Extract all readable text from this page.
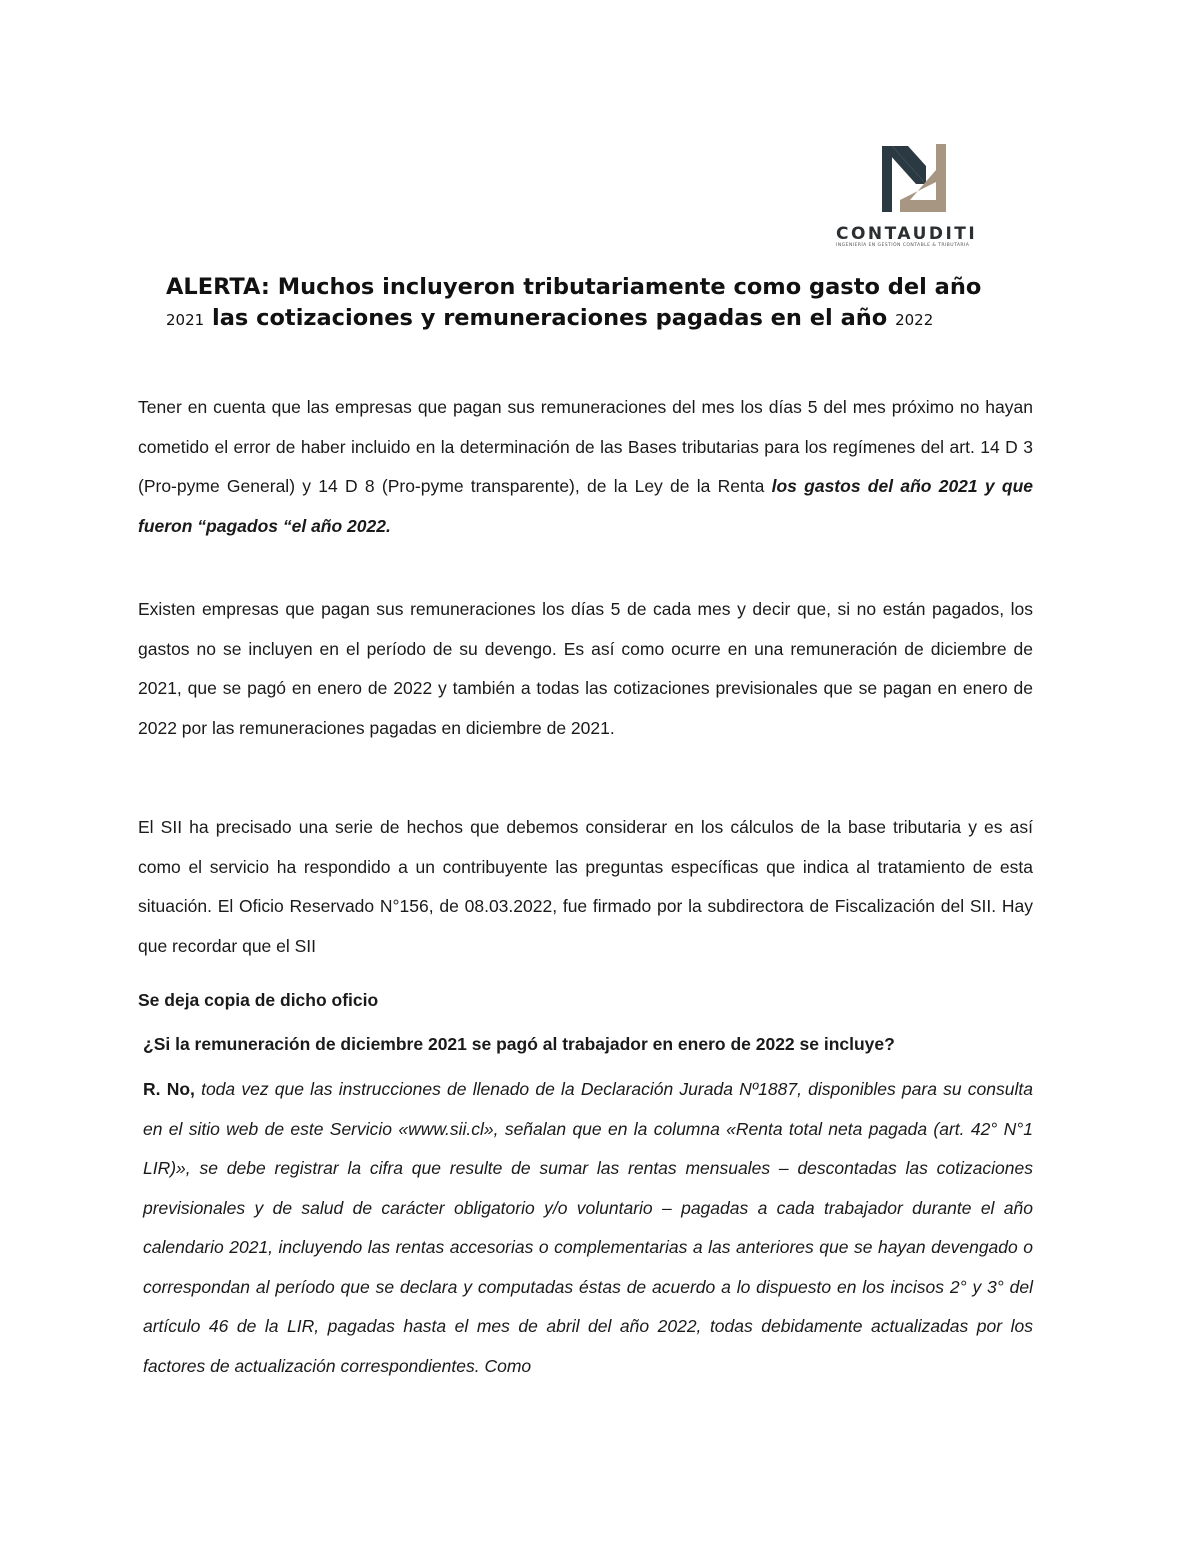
CONTAUDITI
INGENIERÍA EN GESTIÓN CONTABLE & TRIBUTARIA
ALERTA: Muchos incluyeron tributariamente como gasto del año
2021 las cotizaciones y remuneraciones pagadas en el año 2022

Tener en cuenta que las empresas que pagan sus remuneraciones del mes los días 5 del mes próximo no hayan cometido el error de haber incluido en la determinación de las Bases tributarias para los regímenes del art. 14 D 3 (Pro-pyme General) y 14 D 8 (Pro-pyme transparente), de la Ley de la Renta los gastos del año 2021 y que fueron “pagados “el año 2022.

Existen empresas que pagan sus remuneraciones los días 5 de cada mes y decir que, si no están pagados, los gastos no se incluyen en el período de su devengo. Es así como ocurre en una remuneración de diciembre de 2021, que se pagó en enero de 2022 y también a todas las cotizaciones previsionales que se pagan en enero de 2022 por las remuneraciones pagadas en diciembre de 2021.

El SII ha precisado una serie de hechos que debemos considerar en los cálculos de la base tributaria y es así como el servicio ha respondido a un contribuyente las preguntas específicas que indica al tratamiento de esta situación. El Oficio Reservado N°156, de 08.03.2022, fue firmado por la subdirectora de Fiscalización del SII. Hay que recordar que el SII

Se deja copia de dicho oficio
¿Si la remuneración de diciembre 2021 se pagó al trabajador en enero de 2022 se incluye?

R. No, toda vez que las instrucciones de llenado de la Declaración Jurada Nº1887, disponibles para su consulta en el sitio web de este Servicio «www.sii.cl», señalan que en la columna «Renta total neta pagada (art. 42° N°1 LIR)», se debe registrar la cifra que resulte de sumar las rentas mensuales – descontadas las cotizaciones previsionales y de salud de carácter obligatorio y/o voluntario – pagadas a cada trabajador durante el año calendario 2021, incluyendo las rentas accesorias o complementarias a las anteriores que se hayan devengado o correspondan al período que se declara y computadas éstas de acuerdo a lo dispuesto en los incisos 2° y 3° del artículo 46 de la LIR, pagadas hasta el mes de abril del año 2022, todas debidamente actualizadas por los factores de actualización correspondientes. Como
